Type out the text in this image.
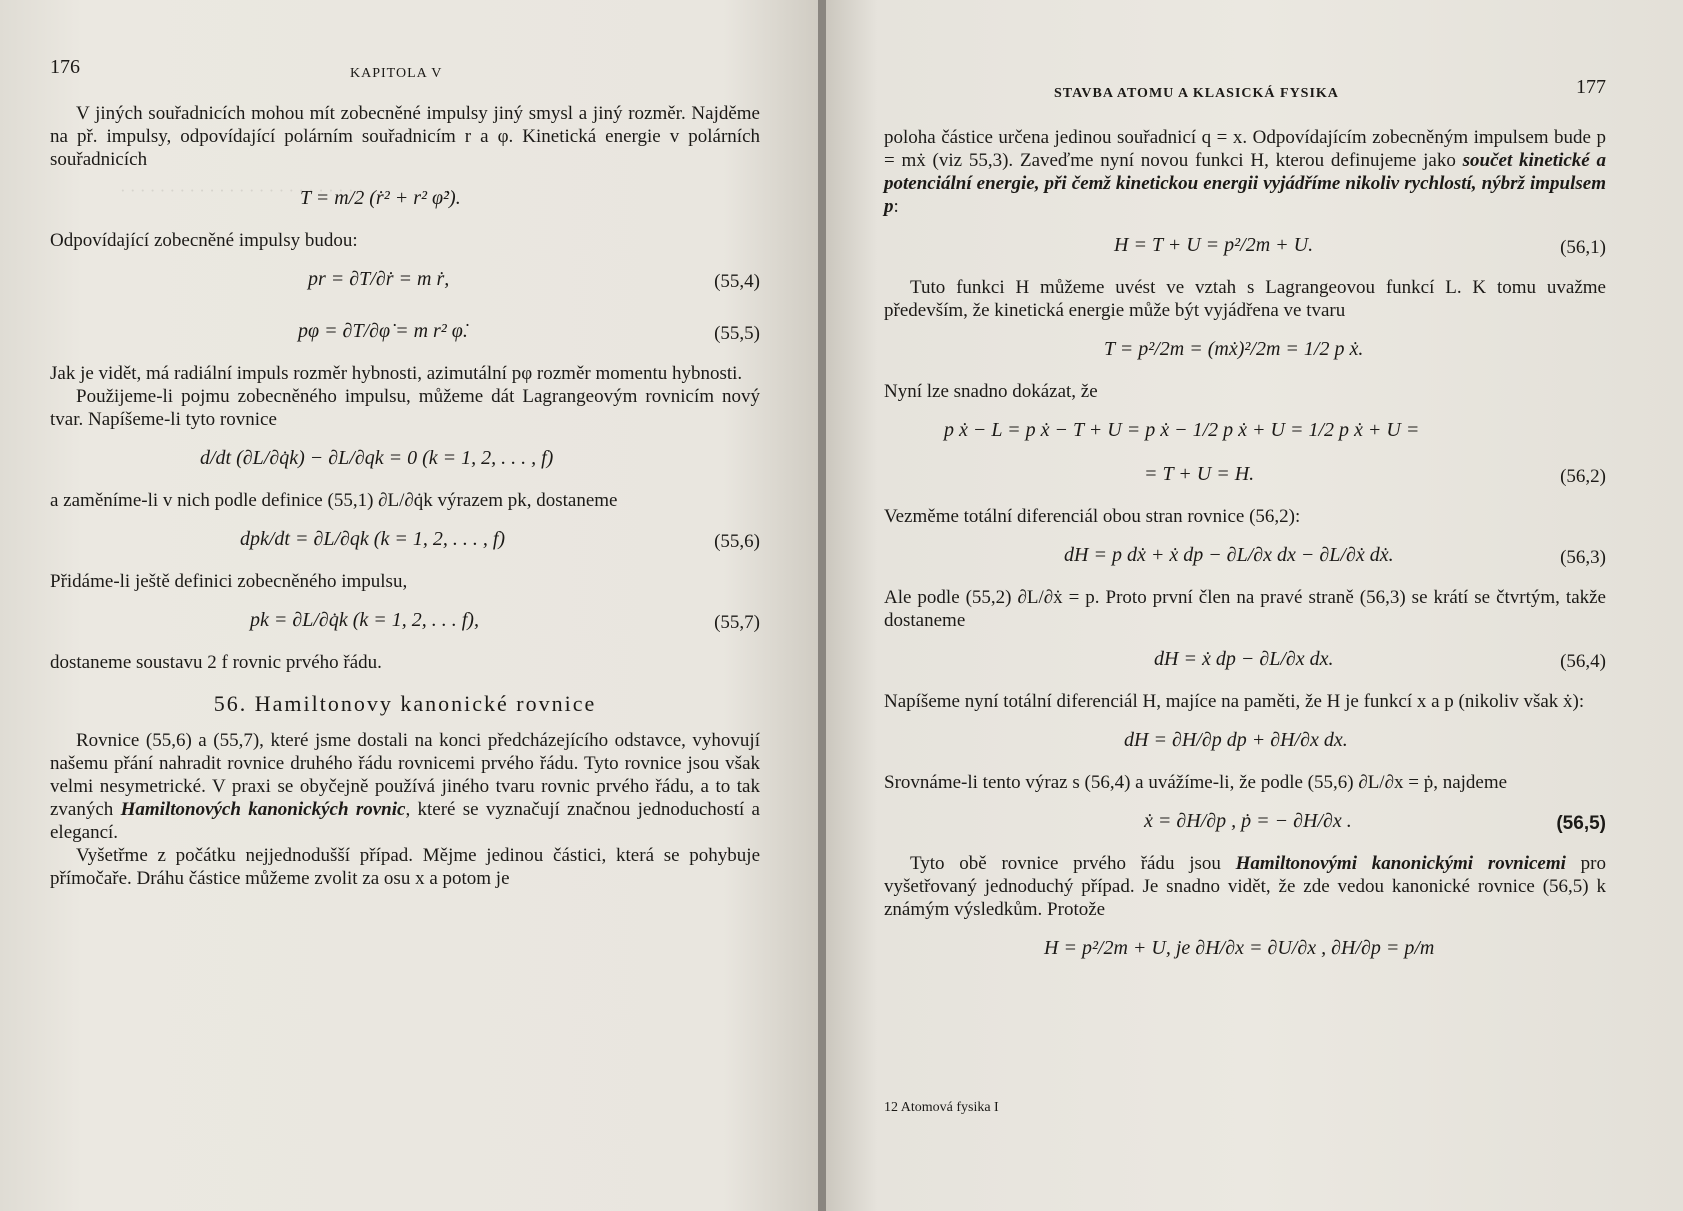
· · · · · · · · · · · · · · · · · · · · · · · · ·
176	KAPITOLA V

V jiných souřadnicích mohou mít zobecněné impulsy jiný smysl a jiný rozměr. Najděme na př. impulsy, odpovídající polárním souřadnicím r a φ. Kinetická energie v polárních souřadnicích

T = m/2 (ṙ² + r² φ̇²).

Odpovídající zobecněné impulsy budou:

pr = ∂T/∂ṙ = m ṙ,	(55,4)
pφ = ∂T/∂φ̇ = m r² φ̇.	(55,5)

Jak je vidět, má radiální impuls rozměr hybnosti, azimutální pφ rozměr momentu hybnosti.

Použijeme-li pojmu zobecněného impulsu, můžeme dát Lagrangeovým rovnicím nový tvar. Napíšeme-li tyto rovnice

d/dt (∂L/∂q̇k) − ∂L/∂qk = 0 (k = 1, 2, . . . , f)

a zaměníme-li v nich podle definice (55,1) ∂L/∂q̇k výrazem pk, dostaneme

dpk/dt = ∂L/∂qk (k = 1, 2, . . . , f)	(55,6)

Přidáme-li ještě definici zobecněného impulsu,

pk = ∂L/∂q̇k (k = 1, 2, . . . f),	(55,7)

dostaneme soustavu 2 f rovnic prvého řádu.

56. Hamiltonovy kanonické rovnice

Rovnice (55,6) a (55,7), které jsme dostali na konci předcházejícího odstavce, vyhovují našemu přání nahradit rovnice druhého řádu rovnicemi prvého řádu. Tyto rovnice jsou však velmi nesymetrické. V praxi se obyčejně používá jiného tvaru rovnic prvého řádu, a to tak zvaných Hamiltonových kanonických rovnic, které se vyznačují značnou jednoduchostí a elegancí.

Vyšetřme z počátku nejjednodušší případ. Mějme jedinou částici, která se pohybuje přímočaře. Dráhu částice můžeme zvolit za osu x a potom je

STAVBA ATOMU A KLASICKÁ FYSIKA	177

poloha částice určena jedinou souřadnicí q = x. Odpovídajícím zobecněným impulsem bude p = mẋ (viz 55,3). Zaveďme nyní novou funkci H, kterou definujeme jako součet kinetické a potenciální energie, při čemž kinetickou energii vyjádříme nikoliv rychlostí, nýbrž impulsem p:

H = T + U = p²/2m + U.	(56,1)

Tuto funkci H můžeme uvést ve vztah s Lagrangeovou funkcí L. K tomu uvažme především, že kinetická energie může být vyjádřena ve tvaru

T = p²/2m = (mẋ)²/2m = 1/2 p ẋ.

Nyní lze snadno dokázat, že

p ẋ − L = p ẋ − T + U = p ẋ − 1/2 p ẋ + U = 1/2 p ẋ + U =
= T + U = H.	(56,2)

Vezměme totální diferenciál obou stran rovnice (56,2):

dH = p dẋ + ẋ dp − ∂L/∂x dx − ∂L/∂ẋ dẋ.	(56,3)

Ale podle (55,2) ∂L/∂ẋ = p. Proto první člen na pravé straně (56,3) se krátí se čtvrtým, takže dostaneme

dH = ẋ dp − ∂L/∂x dx.	(56,4)

Napíšeme nyní totální diferenciál H, majíce na paměti, že H je funkcí x a p (nikoliv však ẋ):

dH = ∂H/∂p dp + ∂H/∂x dx.

Srovnáme-li tento výraz s (56,4) a uvážíme-li, že podle (55,6) ∂L/∂x = ṗ, najdeme

ẋ = ∂H/∂p , ṗ = − ∂H/∂x .	(56,5)

Tyto obě rovnice prvého řádu jsou Hamiltonovými kanonickými rovnicemi pro vyšetřovaný jednoduchý případ. Je snadno vidět, že zde vedou kanonické rovnice (56,5) k známým výsledkům. Protože

H = p²/2m + U, je ∂H/∂x = ∂U/∂x , ∂H/∂p = p/m
12 Atomová fysika I
